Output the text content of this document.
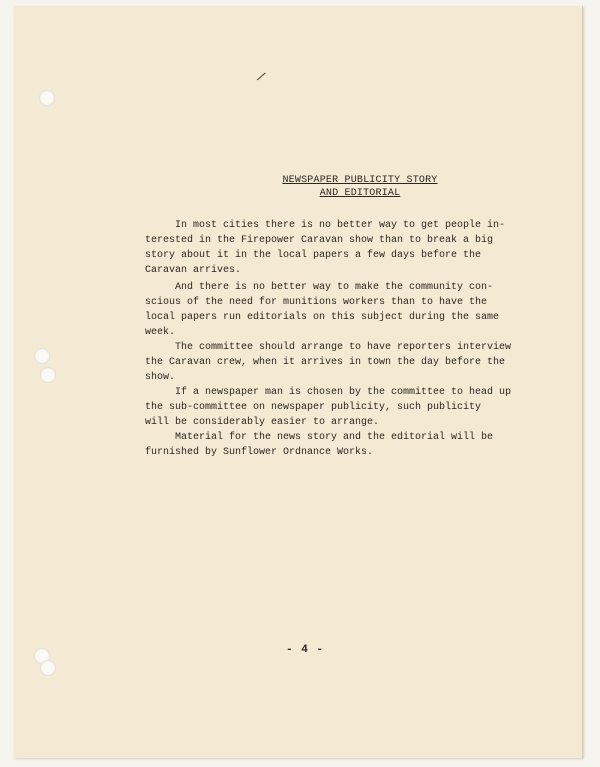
/
NEWSPAPER PUBLICITY STORY
AND EDITORIAL

In most cities there is no better way to get people in-
terested in the Firepower Caravan show than to break a big
story about it in the local papers a few days before the
Caravan arrives.

And there is no better way to make the community con-
scious of the need for munitions workers than to have the
local papers run editorials on this subject during the same
week.

The committee should arrange to have reporters interview
the Caravan crew, when it arrives in town the day before the
show.

If a newspaper man is chosen by the committee to head up
the sub-committee on newspaper publicity, such publicity
will be considerably easier to arrange.

Material for the news story and the editorial will be
furnished by Sunflower Ordnance Works.

- 4 -
